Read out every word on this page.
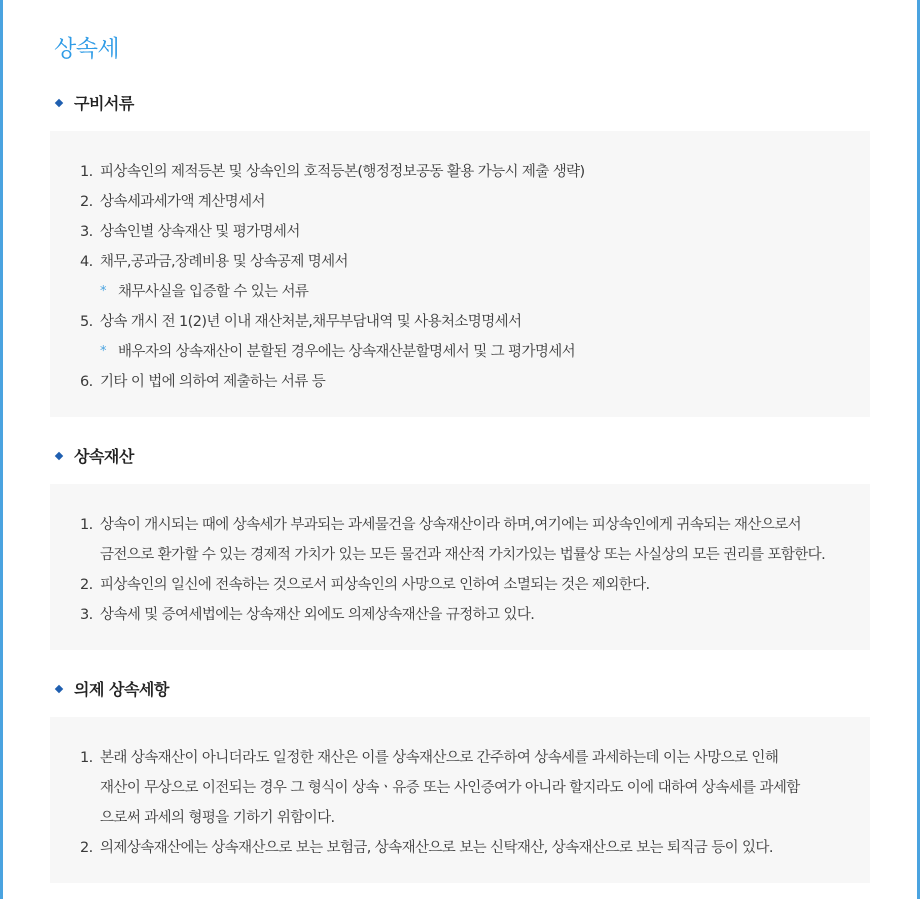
상속세
구비서류
1. 피상속인의 제적등본 및 상속인의 호적등본(행정정보공동 활용 가능시 제출 생략)
2. 상속세과세가액 계산명세서
3. 상속인별 상속재산 및 평가명세서
4. 채무,공과금,장례비용 및 상속공제 명세서
* 채무사실을 입증할 수 있는 서류
5. 상속 개시 전 1(2)년 이내 재산처분,채무부담내역 및 사용처소명명세서
* 배우자의 상속재산이 분할된 경우에는 상속재산분할명세서 및 그 평가명세서
6. 기타 이 법에 의하여 제출하는 서류 등
상속재산
1. 상속이 개시되는 때에 상속세가 부과되는 과세물건을 상속재산이라 하며,여기에는 피상속인에게 귀속되는 재산으로서
금전으로 환가할 수 있는 경제적 가치가 있는 모든 물건과 재산적 가치가있는 법률상 또는 사실상의 모든 권리를 포함한다.
2. 피상속인의 일신에 전속하는 것으로서 피상속인의 사망으로 인하여 소멸되는 것은 제외한다.
3. 상속세 및 증여세법에는 상속재산 외에도 의제상속재산을 규정하고 있다.
의제 상속세항
1. 본래 상속재산이 아니더라도 일정한 재산은 이를 상속재산으로 간주하여 상속세를 과세하는데 이는 사망으로 인해
재산이 무상으로 이전되는 경우 그 형식이 상속ㆍ유증 또는 사인증여가 아니라 할지라도 이에 대하여 상속세를 과세함
으로써 과세의 형평을 기하기 위함이다.
2. 의제상속재산에는 상속재산으로 보는 보험금, 상속재산으로 보는 신탁재산, 상속재산으로 보는 퇴직금 등이 있다.
